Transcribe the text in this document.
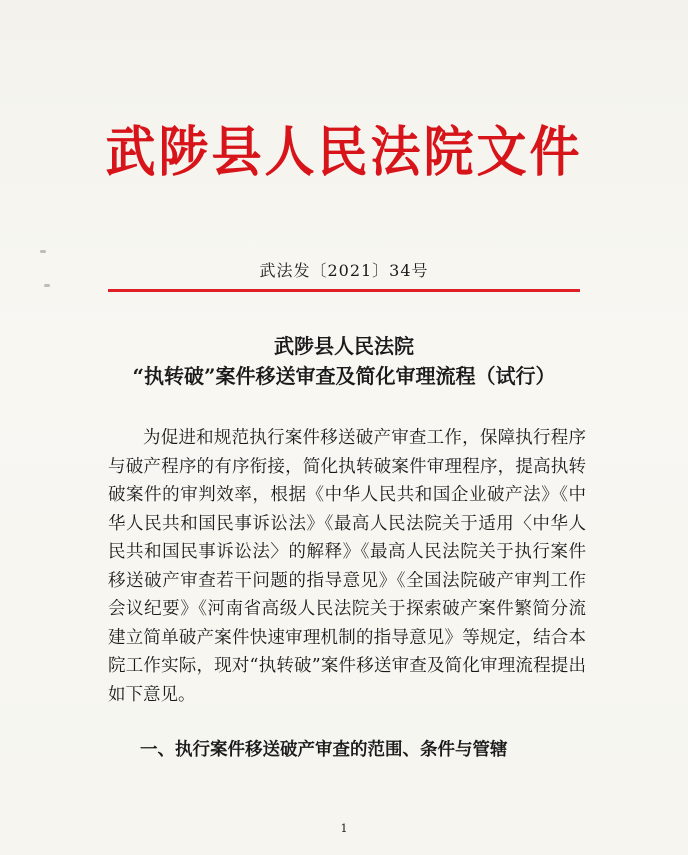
武陟县人民法院文件
武法发〔2021〕34号
武陟县人民法院
“执转破”案件移送审查及简化审理流程（试行）
为促进和规范执行案件移送破产审查工作，保障执行程序与破产程序的有序衔接，简化执转破案件审理程序，提高执转破案件的审判效率，根据《中华人民共和国企业破产法》《中华人民共和国民事诉讼法》《最高人民法院关于适用〈中华人民共和国民事诉讼法〉的解释》《最高人民法院关于执行案件移送破产审查若干问题的指导意见》《全国法院破产审判工作会议纪要》《河南省高级人民法院关于探索破产案件繁简分流建立简单破产案件快速审理机制的指导意见》等规定，结合本院工作实际，现对“执转破”案件移送审查及简化审理流程提出如下意见。
一、执行案件移送破产审查的范围、条件与管辖
1
